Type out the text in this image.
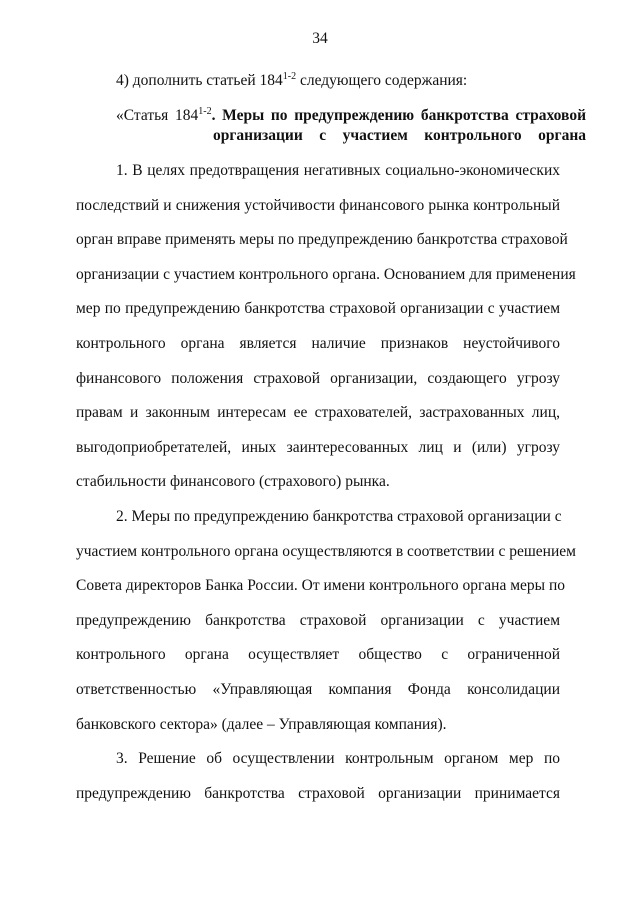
34
4) дополнить статьей 184$^{1-2}$ следующего содержания:
«Статья 184$^{1-2}$. Меры по предупреждению банкротства страховой
организации с участием контрольного органа
1. В целях предотвращения негативных социально-экономических
последствий и снижения устойчивости финансового рынка контрольный
орган вправе применять меры по предупреждению банкротства страховой
организации с участием контрольного органа. Основанием для применения
мер по предупреждению банкротства страховой организации с участием
контрольного органа является наличие признаков неустойчивого
финансового положения страховой организации, создающего угрозу
правам и законным интересам ее страхователей, застрахованных лиц,
выгодоприобретателей, иных заинтересованных лиц и (или) угрозу
стабильности финансового (страхового) рынка.
2. Меры по предупреждению банкротства страховой организации с
участием контрольного органа осуществляются в соответствии с решением
Совета директоров Банка России. От имени контрольного органа меры по
предупреждению банкротства страховой организации с участием
контрольного органа осуществляет общество с ограниченной
ответственностью «Управляющая компания Фонда консолидации
банковского сектора» (далее – Управляющая компания).
3. Решение об осуществлении контрольным органом мер по
предупреждению банкротства страховой организации принимается
